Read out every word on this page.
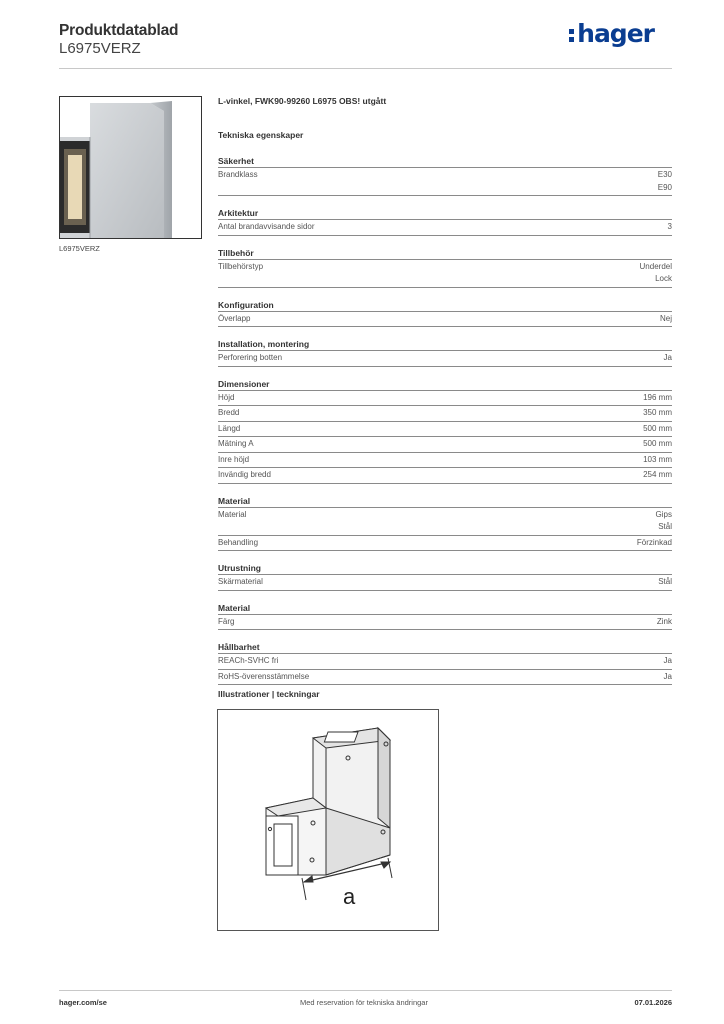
Produktdatablad
L6975VERZ
hager
L6975VERZ
L-vinkel, FWK90-99260 L6975 OBS! utgått
Tekniska egenskaper
Säkerhet
Brandklass	E30
E90
Arkitektur
Antal brandavvisande sidor	3
Tillbehör
Tillbehörstyp	Underdel
Lock
Konfiguration
Överlapp	Nej
Installation, montering
Perforering botten	Ja
Dimensioner
Höjd	196 mm
Bredd	350 mm
Längd	500 mm
Mätning A	500 mm
Inre höjd	103 mm
Invändig bredd	254 mm
Material
Material	Gips
Stål
Behandling	Förzinkad
Utrustning
Skärmaterial	Stål
Material
Färg	Zink
Hållbarhet
REACh-SVHC fri	Ja
RoHS-överensstämmelse	Ja
Illustrationer | teckningar
a
hager.com/se	Med reservation för tekniska ändringar	07.01.2026
